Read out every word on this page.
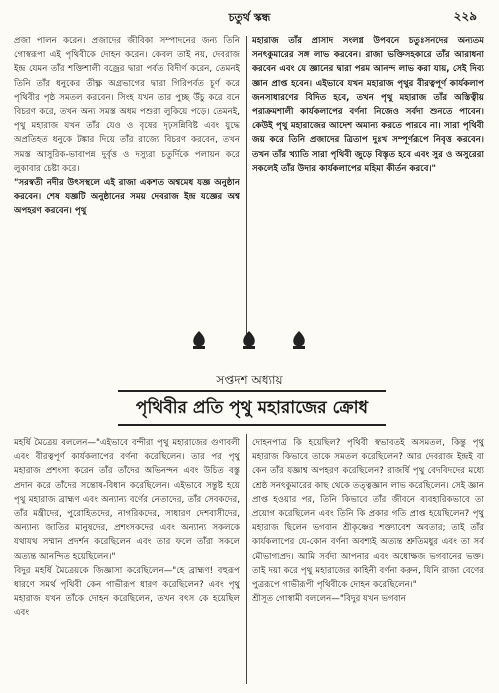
চতুর্থ স্কন্ধ	২২৯

প্রজা পালন করেন। প্রজাদের জীবিকা সম্পাদনের জন্য তিনি গোস্বরূপা এই পৃথিবীকে দোহন করেন। কেবল তাই নয়, দেবরাজ ইন্দ্র যেমন তাঁর শক্তিশালী বজ্রের দ্বারা পর্বত বিদীর্ণ করেন, তেমনই তিনি তাঁর ধনুকের তীক্ষ্ণ অগ্রভাগের দ্বারা গিরিপর্বত চূর্ণ করে পৃথিবীর পৃষ্ঠ সমতল করবেন। সিংহ যখন তার পুচ্ছ উঁচু করে বনে বিচরণ করে, তখন অন্য সমস্ত অধম পশুরা লুকিয়ে পড়ে। তেমনই, পৃথু মহারাজ যখন তাঁর যেও ও বৃষের দৃঢ়সন্নিবিষ্ট এবং যুদ্ধে অপ্রতিহত ধনুকে টঙ্কার দিয়ে তাঁর রাজ্যে বিচরণ করবেন, তখন সমস্ত আসুরিক-ভাবাপন্ন দুর্বৃত্ত ও দস্যুরা চতুর্দিকে পলায়ন করে লুকাবার চেষ্টা করে।

"সরস্বতী নদীর উৎসস্থলে এই রাজা একশত অশ্বমেধ যজ্ঞ অনুষ্ঠান করবেন। শেষ যজ্ঞটি অনুষ্ঠানের সময় দেবরাজ ইন্দ্র যজ্ঞের অশ্ব অপহরণ করবেন। পৃথু

মহারাজ তাঁর প্রাসাদ সংলগ্ন উপবনে চতুঃসনদের অন্যতম সনৎকুমারের সঙ্গ লাভ করবেন। রাজা ভক্তিসহকারে তাঁর আরাধনা করবেন এবং যে জ্ঞানের দ্বারা পরম আনন্দ লাভ করা যায়, সেই দিব্য জ্ঞান প্রাপ্ত হবেন। এইভাবে যখন মহারাজ পৃথুর বীরত্বপূর্ণ কার্যকলাপ জনসাধারণের বিদিত হবে, তখন পৃথু মহারাজ তাঁর অস্তিত্বীয় পরাক্রমশালী কার্যকলাপের বর্ণনা নিজেও সর্বদা শুনতে পাবেন। কেউই পৃথু মহারাজের আদেশ অমান্য করতে পারবে না। সারা পৃথিবী জয় করে তিনি প্রজাদের ত্রিতাপ দুঃখ সম্পূর্ণরূপে নিবৃত্ত করবেন। তখন তাঁর খ্যাতি সারা পৃথিবী জুড়ে বিস্তৃত হবে এবং সুর ও অসুরেরা সকলেই তাঁর উদার কার্যকলাপের মহিমা কীর্তন করবে।"

সপ্তদশ অধ্যায়
পৃথিবীর প্রতি পৃথু মহারাজের ক্রোধ

মহর্ষি মৈত্রেয় বললেন—"এইভাবে বন্দীরা পৃথু মহারাজের গুণাবলী এবং বীরত্বপূর্ণ কার্যকলাপের বর্ণনা করেছিলেন। তার পর পৃথু মহারাজ প্রশংসা করেন তাঁর তাঁদের অভিনন্দন এবং উচিত বস্তু প্রদান করে তাঁদের সন্তোষ-বিধান করেছিলেন। এইভাবে সন্তুষ্ট হয়ে পৃথু মহারাজ ব্রাহ্মণ এবং অন্যান্য বর্ণের নেতাদের, তাঁর সেবকদের, তাঁর মন্ত্রীদের, পুরোহিতদের, নাগরিকদের, সাধারণ দেশবাসীদের, অন্যান্য জাতির মানুষদের, প্রশংসকদের এবং অন্যান্য সকলকে যথাযথ সম্মান প্রদর্শন করেছিলেন এবং তার ফলে তাঁরা সকলে অত্যন্ত আনন্দিত হয়েছিলেন।"

বিদুর মহর্ষি মৈত্রেয়কে জিজ্ঞাসা করেছিলেন—"হে ব্রাহ্মণ! বহুরূপ ধারণে সমর্থ পৃথিবী কেন গাভীরূপ ধারণ করেছিলেন? এবং পৃথু মহারাজ যখন তাঁকে দোহন করেছিলেন, তখন বৎস কে হয়েছিল এবং

দোহনপাত্র কি হয়েছিল? পৃথিবী স্বভাবতই অসমতল, কিন্তু পৃথু মহারাজ কিভাবে তাকে সমতল করেছিলেন? আর দেবরাজ ইন্দ্রই বা কেন তাঁর যজ্ঞাশ্ব অপহরণ করেছিলেন? রাজর্ষি পৃথু বেদবিদদের মধ্যে শ্রেষ্ঠ সনৎকুমারের কাছ থেকে তত্ত্বজ্ঞান লাভ করেছিলেন। সেই জ্ঞান প্রাপ্ত হওয়ার পর, তিনি কিভাবে তাঁর জীবনে ব্যবহারিকভাবে তা প্রয়োগ করেছিলেন এবং তিনি কি প্রকার গতি প্রাপ্ত হয়েছিলেন? পৃথু মহারাজ ছিলেন ভগবান শ্রীকৃষ্ণের শক্ত্যাবেশ অবতার; তাই তাঁর কার্যকলাপের যে-কোন বর্ণনা অবশ্যই অত্যন্ত শ্রুতিমধুর এবং তা সর্ব মৌভাগ্যপ্রদ। আমি সর্বদা আপনার এবং অধোক্ষজ ভগবানের ভক্ত। তাই দয়া করে পৃথু মহারাজের কাহিনী বর্ণনা করুন, যিনি রাজা বেণের পুত্ররূপে গাভীরূপী পৃথিবীকে দোহন করেছিলেন।"

শ্রীসূত গোস্বামী বললেন—"বিদুর যখন ভগবান
